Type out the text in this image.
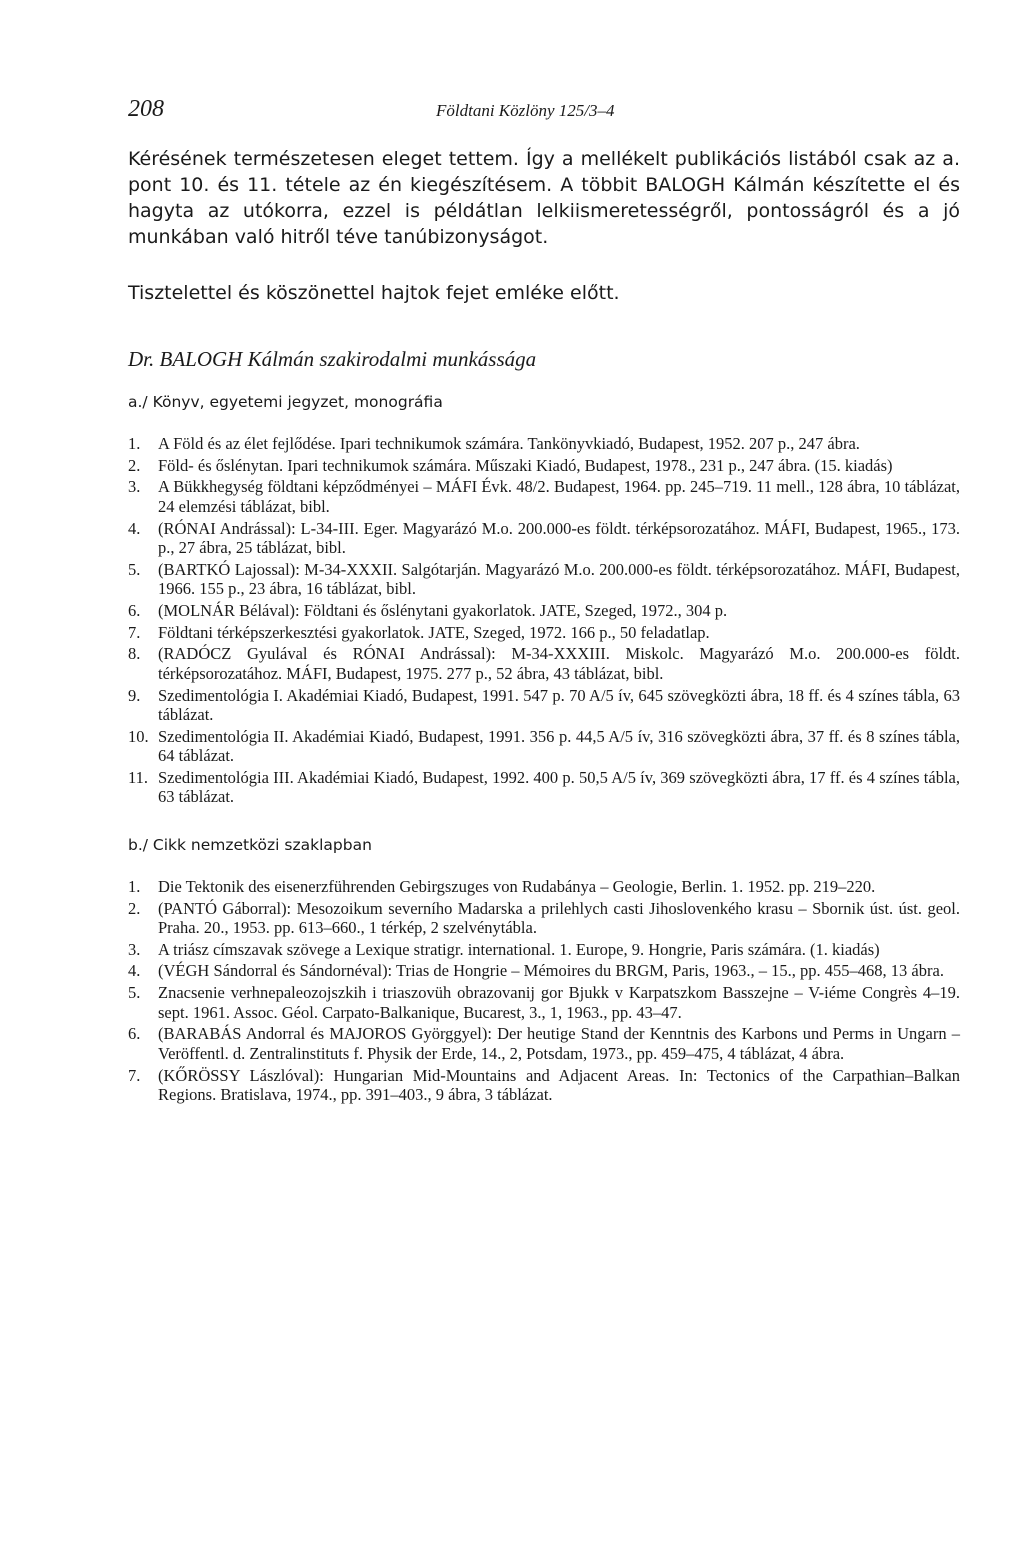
208	Földtani Közlöny 125/3–4

Kérésének természetesen eleget tettem. Így a mellékelt publikációs listából csak az a. pont 10. és 11. tétele az én kiegészítésem. A többit BALOGH Kálmán készítette el és hagyta az utókorra, ezzel is példátlan lelkiismeretességről, pontosságról és a jó munkában való hitről téve tanúbizonyságot.

Tisztelettel és köszönettel hajtok fejet emléke előtt.

Dr. BALOGH Kálmán szakirodalmi munkássága
a./ Könyv, egyetemi jegyzet, monográfia
1.	A Föld és az élet fejlődése. Ipari technikumok számára. Tankönyvkiadó, Budapest, 1952. 207 p., 247 ábra.
2.	Föld- és őslénytan. Ipari technikumok számára. Műszaki Kiadó, Budapest, 1978., 231 p., 247 ábra. (15. kiadás)
3.	A Bükkhegység földtani képződményei – MÁFI Évk. 48/2. Budapest, 1964. pp. 245–719. 11 mell., 128 ábra, 10 táblázat, 24 elemzési táblázat, bibl.
4.	(RÓNAI Andrással): L-34-III. Eger. Magyarázó M.o. 200.000-es földt. térképsorozatához. MÁFI, Budapest, 1965., 173. p., 27 ábra, 25 táblázat, bibl.
5.	(BARTKÓ Lajossal): M-34-XXXII. Salgótarján. Magyarázó M.o. 200.000-es földt. térképsorozatához. MÁFI, Budapest, 1966. 155 p., 23 ábra, 16 táblázat, bibl.
6.	(MOLNÁR Bélával): Földtani és őslénytani gyakorlatok. JATE, Szeged, 1972., 304 p.
7.	Földtani térképszerkesztési gyakorlatok. JATE, Szeged, 1972. 166 p., 50 feladatlap.
8.	(RADÓCZ Gyulával és RÓNAI Andrással): M-34-XXXIII. Miskolc. Magyarázó M.o. 200.000-es földt. térképsorozatához. MÁFI, Budapest, 1975. 277 p., 52 ábra, 43 táblázat, bibl.
9.	Szedimentológia I. Akadémiai Kiadó, Budapest, 1991. 547 p. 70 A/5 ív, 645 szövegközti ábra, 18 ff. és 4 színes tábla, 63 táblázat.
10. Szedimentológia II. Akadémiai Kiadó, Budapest, 1991. 356 p. 44,5 A/5 ív, 316 szövegközti ábra, 37 ff. és 8 színes tábla, 64 táblázat.
11. Szedimentológia III. Akadémiai Kiadó, Budapest, 1992. 400 p. 50,5 A/5 ív, 369 szövegközti ábra, 17 ff. és 4 színes tábla, 63 táblázat.
b./ Cikk nemzetközi szaklapban
1.	Die Tektonik des eisenerzführenden Gebirgszuges von Rudabánya – Geologie, Berlin. 1. 1952. pp. 219–220.
2.	(PANTÓ Gáborral): Mesozoikum severního Madarska a prilehlych casti Jihoslovenkého krasu – Sbornik úst. úst. geol. Praha. 20., 1953. pp. 613–660., 1 térkép, 2 szelvénytábla.
3.	A triász címszavak szövege a Lexique stratigr. international. 1. Europe, 9. Hongrie, Paris számára. (1. kiadás)
4.	(VÉGH Sándorral és Sándornéval): Trias de Hongrie – Mémoires du BRGM, Paris, 1963., – 15., pp. 455–468, 13 ábra.
5.	Znacsenie verhnepaleozojszkih i triaszovüh obrazovanij gor Bjukk v Karpatszkom Basszejne – V-iéme Congrès 4–19. sept. 1961. Assoc. Géol. Carpato-Balkanique, Bucarest, 3., 1, 1963., pp. 43–47.
6.	(BARABÁS Andorral és MAJOROS Györggyel): Der heutige Stand der Kenntnis des Karbons und Perms in Ungarn – Veröffentl. d. Zentralinstituts f. Physik der Erde, 14., 2, Potsdam, 1973., pp. 459–475, 4 táblázat, 4 ábra.
7.	(KŐRÖSSY Lászlóval): Hungarian Mid-Mountains and Adjacent Areas. In: Tectonics of the Carpathian–Balkan Regions. Bratislava, 1974., pp. 391–403., 9 ábra, 3 táblázat.
